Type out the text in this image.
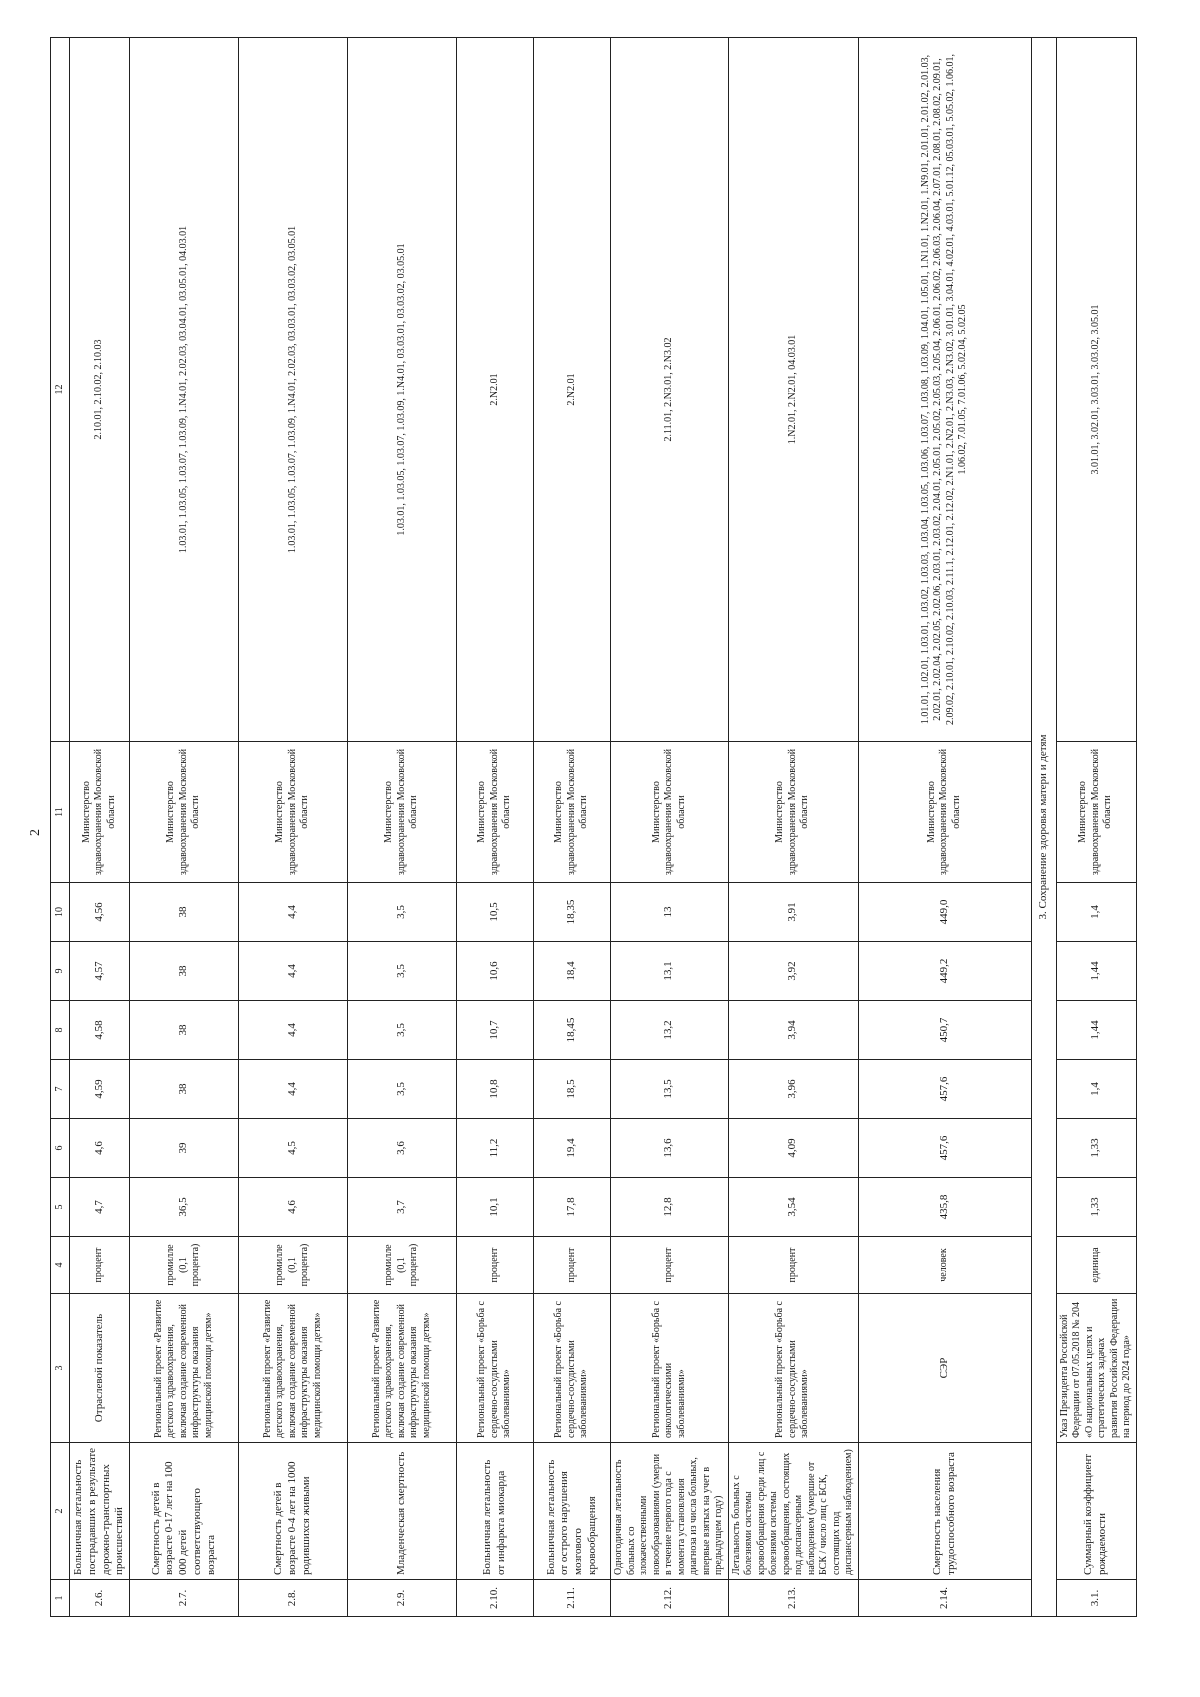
2
1	2	3	4	5	6	7	8	9	10	11	12
2.6.	Больничная летальность пострадавших в результате дорожно-транспортных происшествий	Отраслевой показатель	процент	4,7	4,6	4,59	4,58	4,57	4,56	Министерство здравоохранения Московской области	2.10.01, 2.10.02, 2.10.03
2.7.	Смертность детей в возрасте 0-17 лет на 100 000 детей соответствующего возраста	Региональный проект «Развитие детского здравоохранения, включая создание современной инфраструктуры оказания медицинской помощи детям»	промилле (0,1 процента)	36,5	39	38	38	38	38	Министерство здравоохранения Московской области	1.03.01, 1.03.05, 1.03.07, 1.03.09, 1.N4.01, 2.02.03, 03.04.01, 03.05.01, 04.03.01
2.8.	Смертность детей в возрасте 0-4 лет на 1000 родившихся живыми	Региональный проект «Развитие детского здравоохранения, включая создание современной инфраструктуры оказания медицинской помощи детям»	промилле (0,1 процента)	4,6	4,5	4,4	4,4	4,4	4,4	Министерство здравоохранения Московской области	1.03.01, 1.03.05, 1.03.07, 1.03.09, 1.N4.01, 2.02.03, 03.03.01, 03.03.02, 03.05.01
2.9.	Младенческая смертность	Региональный проект «Развитие детского здравоохранения, включая создание современной инфраструктуры оказания медицинской помощи детям»	промилле (0,1 процента)	3,7	3,6	3,5	3,5	3,5	3,5	Министерство здравоохранения Московской области	1.03.01, 1.03.05, 1.03.07, 1.03.09, 1.N4.01, 03.03.01, 03.03.02, 03.05.01
2.10.	Больничная летальность от инфаркта миокарда	Региональный проект «Борьба с сердечно-сосудистыми заболеваниями»	процент	10,1	11,2	10,8	10,7	10,6	10,5	Министерство здравоохранения Московской области	2.N2.01
2.11.	Больничная летальность от острого нарушения мозгового кровообращения	Региональный проект «Борьба с сердечно-сосудистыми заболеваниями»	процент	17,8	19,4	18,5	18,45	18,4	18,35	Министерство здравоохранения Московской области	2.N2.01
2.12.	Одногодичная летальность больных со злокачественными новообразованиями (умерли в течение первого года с момента установления диагноза из числа больных, впервые взятых на учет в предыдущем году)	Региональный проект «Борьба с онкологическими заболеваниями»	процент	12,8	13,6	13,5	13,2	13,1	13	Министерство здравоохранения Московской области	2.11.01, 2.N3.01, 2.N3.02
2.13.	Летальность больных с болезнями системы кровообращения среди лиц с болезнями системы кровообращения, состоящих под диспансерным наблюдением (умершие от БСК / число лиц с БСК, состоящих под диспансерным наблюдением)	Региональный проект «Борьба с сердечно-сосудистыми заболеваниями»	процент	3,54	4,09	3,96	3,94	3,92	3,91	Министерство здравоохранения Московской области	1.N2.01, 2.N2.01, 04.03.01
2.14.	Смертность населения трудоспособного возраста	СЭР	человек	435,8	457,6	457,6	450,7	449,2	449,0	Министерство здравоохранения Московской области	1.01.01, 1.02.01, 1.03.01, 1.03.02, 1.03.03, 1.03.04, 1.03.05, 1.03.06, 1.03.07, 1.03.08, 1.03.09, 1.04.01, 1.05.01, 1.N1.01, 1.N2.01, 1.N9.01, 2.01.01, 2.01.02, 2.01.03, 2.02.01, 2.02.04, 2.02.05, 2.02.06, 2.03.01, 2.03.02, 2.04.01, 2.05.01, 2.05.02, 2.05.03, 2.05.04, 2.06.01, 2.06.02, 2.06.03, 2.06.04, 2.07.01, 2.08.01, 2.08.02, 2.09.01, 2.09.02, 2.10.01, 2.10.02, 2.10.03, 2.11.1, 2.12.01, 2.12.02, 2.N1.01, 2.N2.01, 2.N3.03, 2.N3.02, 3.01.01, 3.04.01, 4.02.01, 4.03.01, 5.01.12, 05.03.01, 5.05.02, 1.06.01, 1.06.02, 7.01.05, 7.01.06, 5.02.04, 5.02.05
3. Сохранение здоровья матери и детям											
3.1.	Суммарный коэффициент рождаемости	Указ Президента Российской Федерации от 07.05.2018 № 204 «О национальных целях и стратегических задачах развития Российской Федерации на период до 2024 года»	единица	1,33	1,33	1,4	1,44	1,44	1,4	Министерство здравоохранения Московской области	3.01.01, 3.02.01, 3.03.01, 3.03.02, 3.05.01
